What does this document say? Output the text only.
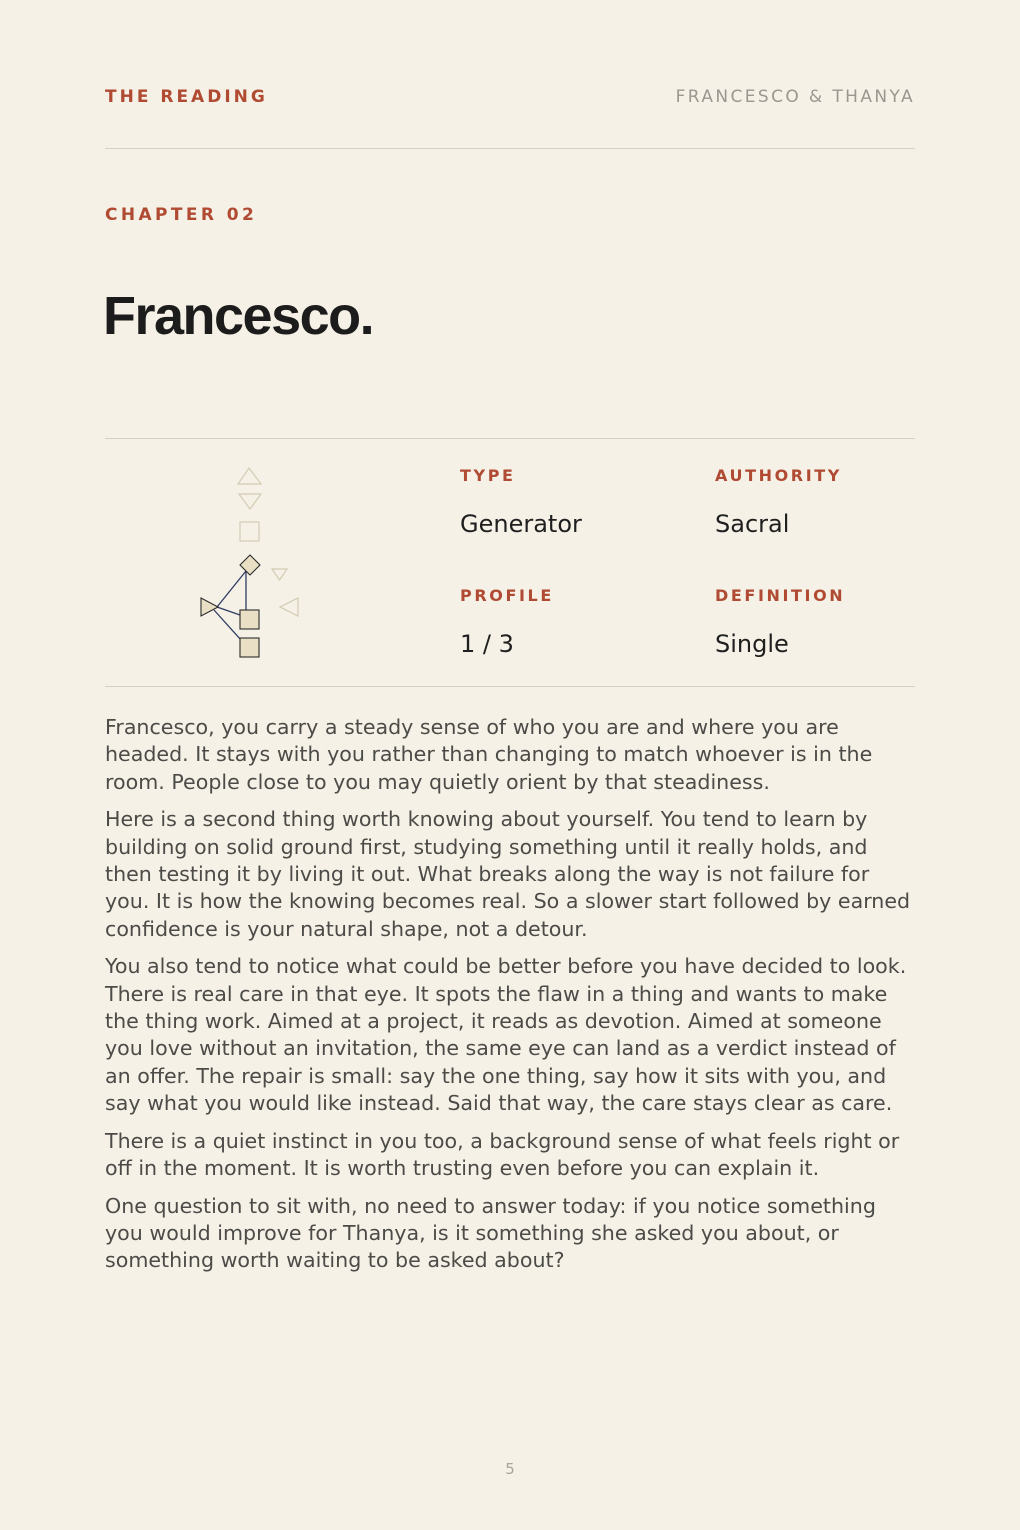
THE READING	FRANCESCO & THANYA
CHAPTER 02
Francesco.
TYPE
Generator
AUTHORITY
Sacral
PROFILE
1 / 3
DEFINITION
Single

Francesco, you carry a steady sense of who you are and where you are headed. It stays with you rather than changing to match whoever is in the room. People close to you may quietly orient by that steadiness.

Here is a second thing worth knowing about yourself. You tend to learn by building on solid ground first, studying something until it really holds, and then testing it by living it out. What breaks along the way is not failure for you. It is how the knowing becomes real. So a slower start followed by earned confidence is your natural shape, not a detour.

You also tend to notice what could be better before you have decided to look. There is real care in that eye. It spots the flaw in a thing and wants to make the thing work. Aimed at a project, it reads as devotion. Aimed at someone you love without an invitation, the same eye can land as a verdict instead of an offer. The repair is small: say the one thing, say how it sits with you, and say what you would like instead. Said that way, the care stays clear as care.

There is a quiet instinct in you too, a background sense of what feels right or off in the moment. It is worth trusting even before you can explain it.

One question to sit with, no need to answer today: if you notice something you would improve for Thanya, is it something she asked you about, or something worth waiting to be asked about?

5
